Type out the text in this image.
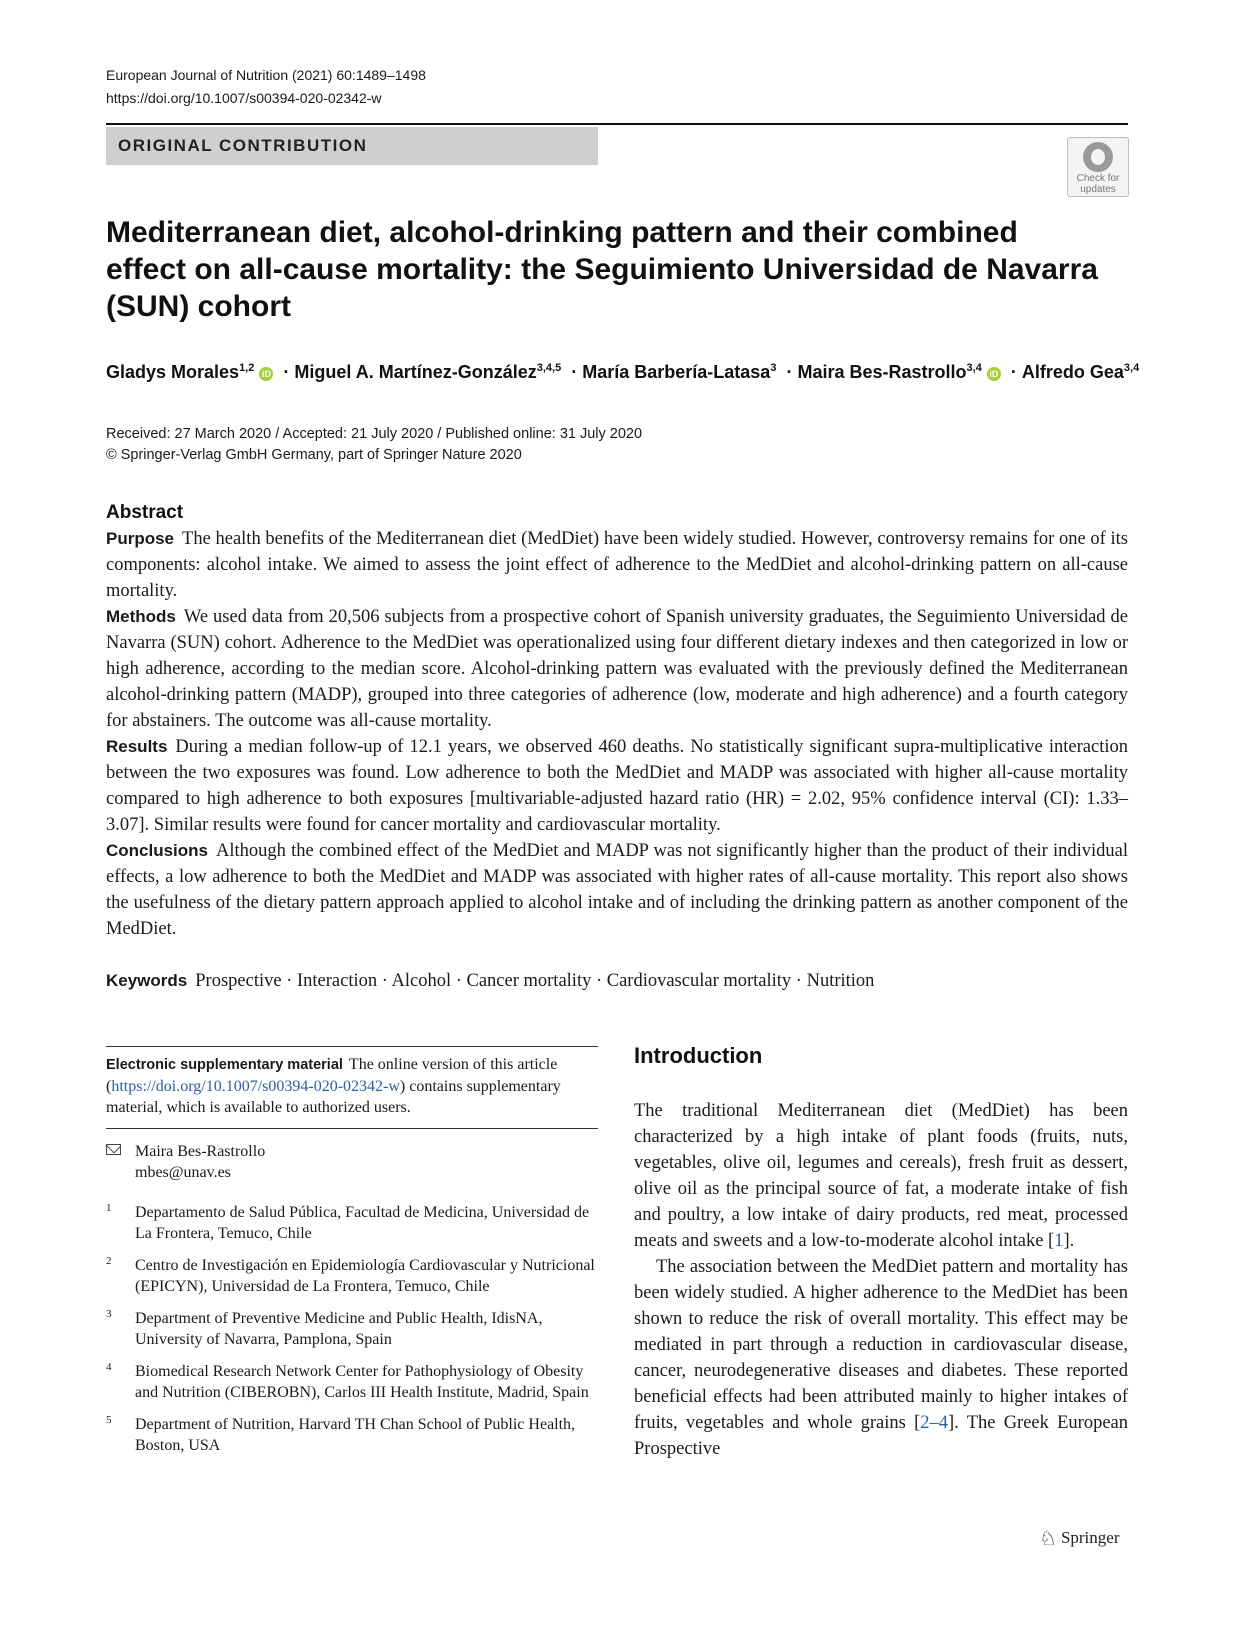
European Journal of Nutrition (2021) 60:1489–1498
https://doi.org/10.1007/s00394-020-02342-w
ORIGINAL CONTRIBUTION
Check for
updates
Mediterranean diet, alcohol-drinking pattern and their combined effect on all-cause mortality: the Seguimiento Universidad de Navarra (SUN) cohort
Gladys Morales$^{1,2}$ iD · Miguel A. Martínez-González$^{3,4,5}$ · María Barbería-Latasa$^3$ · Maira Bes-Rastrollo$^{3,4}$ iD · Alfredo Gea$^{3,4}$
Received: 27 March 2020 / Accepted: 21 July 2020 / Published online: 31 July 2020
© Springer-Verlag GmbH Germany, part of Springer Nature 2020
Abstract

Purpose The health benefits of the Mediterranean diet (MedDiet) have been widely studied. However, controversy remains for one of its components: alcohol intake. We aimed to assess the joint effect of adherence to the MedDiet and alcohol-drinking pattern on all-cause mortality.

Methods We used data from 20,506 subjects from a prospective cohort of Spanish university graduates, the Seguimiento Universidad de Navarra (SUN) cohort. Adherence to the MedDiet was operationalized using four different dietary indexes and then categorized in low or high adherence, according to the median score. Alcohol-drinking pattern was evaluated with the previously defined the Mediterranean alcohol-drinking pattern (MADP), grouped into three categories of adherence (low, moderate and high adherence) and a fourth category for abstainers. The outcome was all-cause mortality.

Results During a median follow-up of 12.1 years, we observed 460 deaths. No statistically significant supra-multiplicative interaction between the two exposures was found. Low adherence to both the MedDiet and MADP was associated with higher all-cause mortality compared to high adherence to both exposures [multivariable-adjusted hazard ratio (HR) = 2.02, 95% confidence interval (CI): 1.33–3.07]. Similar results were found for cancer mortality and cardiovascular mortality.

Conclusions Although the combined effect of the MedDiet and MADP was not significantly higher than the product of their individual effects, a low adherence to both the MedDiet and MADP was associated with higher rates of all-cause mortality. This report also shows the usefulness of the dietary pattern approach applied to alcohol intake and of including the drinking pattern as another component of the MedDiet.

Keywords Prospective · Interaction · Alcohol · Cancer mortality · Cardiovascular mortality · Nutrition

Electronic supplementary material The online version of this article (https://doi.org/10.1007/s00394-020-02342-w) contains supplementary material, which is available to authorized users.

Maira Bes-Rastrollo
mbes@unav.es
1 Departamento de Salud Pública, Facultad de Medicina, Universidad de La Frontera, Temuco, Chile
2 Centro de Investigación en Epidemiología Cardiovascular y Nutricional (EPICYN), Universidad de La Frontera, Temuco, Chile
3 Department of Preventive Medicine and Public Health, IdisNA, University of Navarra, Pamplona, Spain
4 Biomedical Research Network Center for Pathophysiology of Obesity and Nutrition (CIBEROBN), Carlos III Health Institute, Madrid, Spain
5 Department of Nutrition, Harvard TH Chan School of Public Health, Boston, USA
Introduction

The traditional Mediterranean diet (MedDiet) has been characterized by a high intake of plant foods (fruits, nuts, vegetables, olive oil, legumes and cereals), fresh fruit as dessert, olive oil as the principal source of fat, a moderate intake of fish and poultry, a low intake of dairy products, red meat, processed meats and sweets and a low-to-moderate alcohol intake [1].

The association between the MedDiet pattern and mortality has been widely studied. A higher adherence to the MedDiet has been shown to reduce the risk of overall mortality. This effect may be mediated in part through a reduction in cardiovascular disease, cancer, neurodegenerative diseases and diabetes. These reported beneficial effects had been attributed mainly to higher intakes of fruits, vegetables and whole grains [2–4]. The Greek European Prospective

♘ Springer
